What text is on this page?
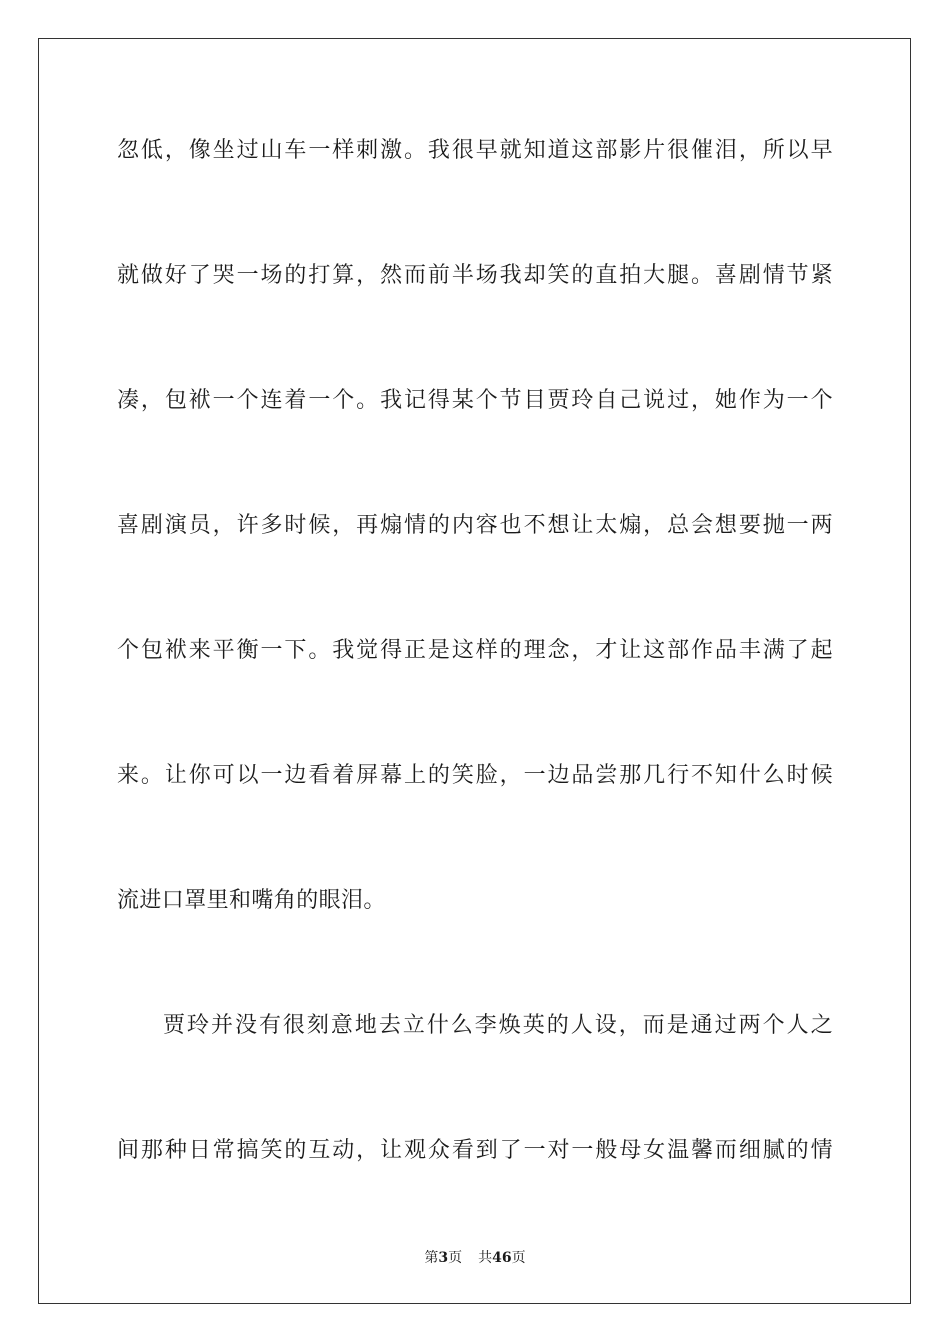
忽低，像坐过山车一样刺激。我很早就知道这部影片很催泪，所以早
就做好了哭一场的打算，然而前半场我却笑的直拍大腿。喜剧情节紧
凑，包袱一个连着一个。我记得某个节目贾玲自己说过，她作为一个
喜剧演员，许多时候，再煽情的内容也不想让太煽，总会想要抛一两
个包袱来平衡一下。我觉得正是这样的理念，才让这部作品丰满了起
来。让你可以一边看着屏幕上的笑脸，一边品尝那几行不知什么时候
流进口罩里和嘴角的眼泪。
贾玲并没有很刻意地去立什么李焕英的人设，而是通过两个人之
间那种日常搞笑的互动，让观众看到了一对一般母女温馨而细腻的情
第3页 共46页
